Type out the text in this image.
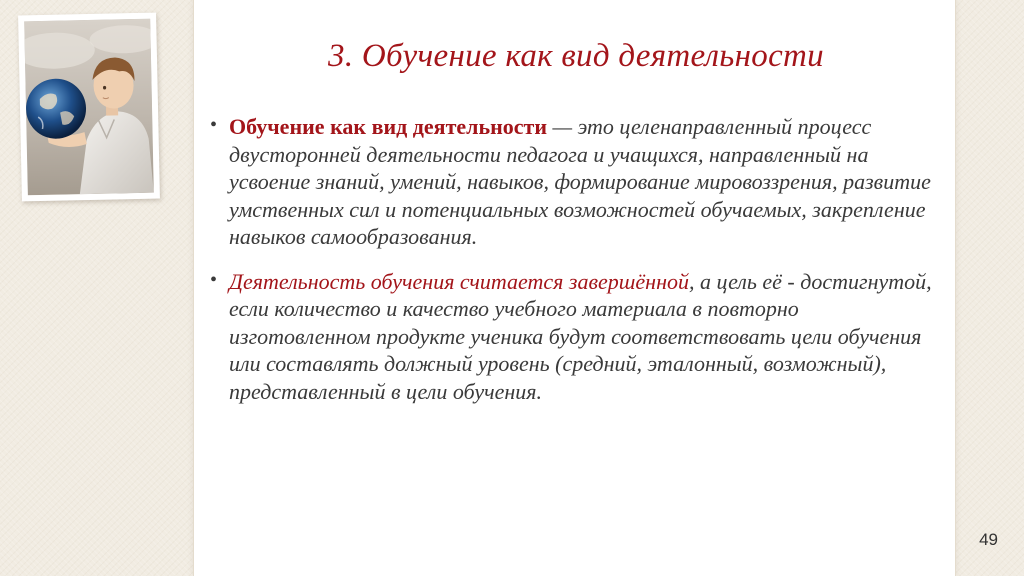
3. Обучение как вид деятельности

• Обучение как вид деятельности — это целенаправленный процесс двусторонней деятельности педагога и учащихся, направленный на усвоение знаний, умений, навыков, формирование мировоззрения, развитие умственных сил и потенциальных возможностей обучаемых, закрепление навыков самообразования.

• Деятельность обучения считается завершённой, а цель её - достигнутой, если количество и качество учебного материала в повторно изготовленном продукте ученика будут соответствовать цели обучения или составлять должный уровень (средний, эталонный, возможный), представленный в цели обучения.

49
